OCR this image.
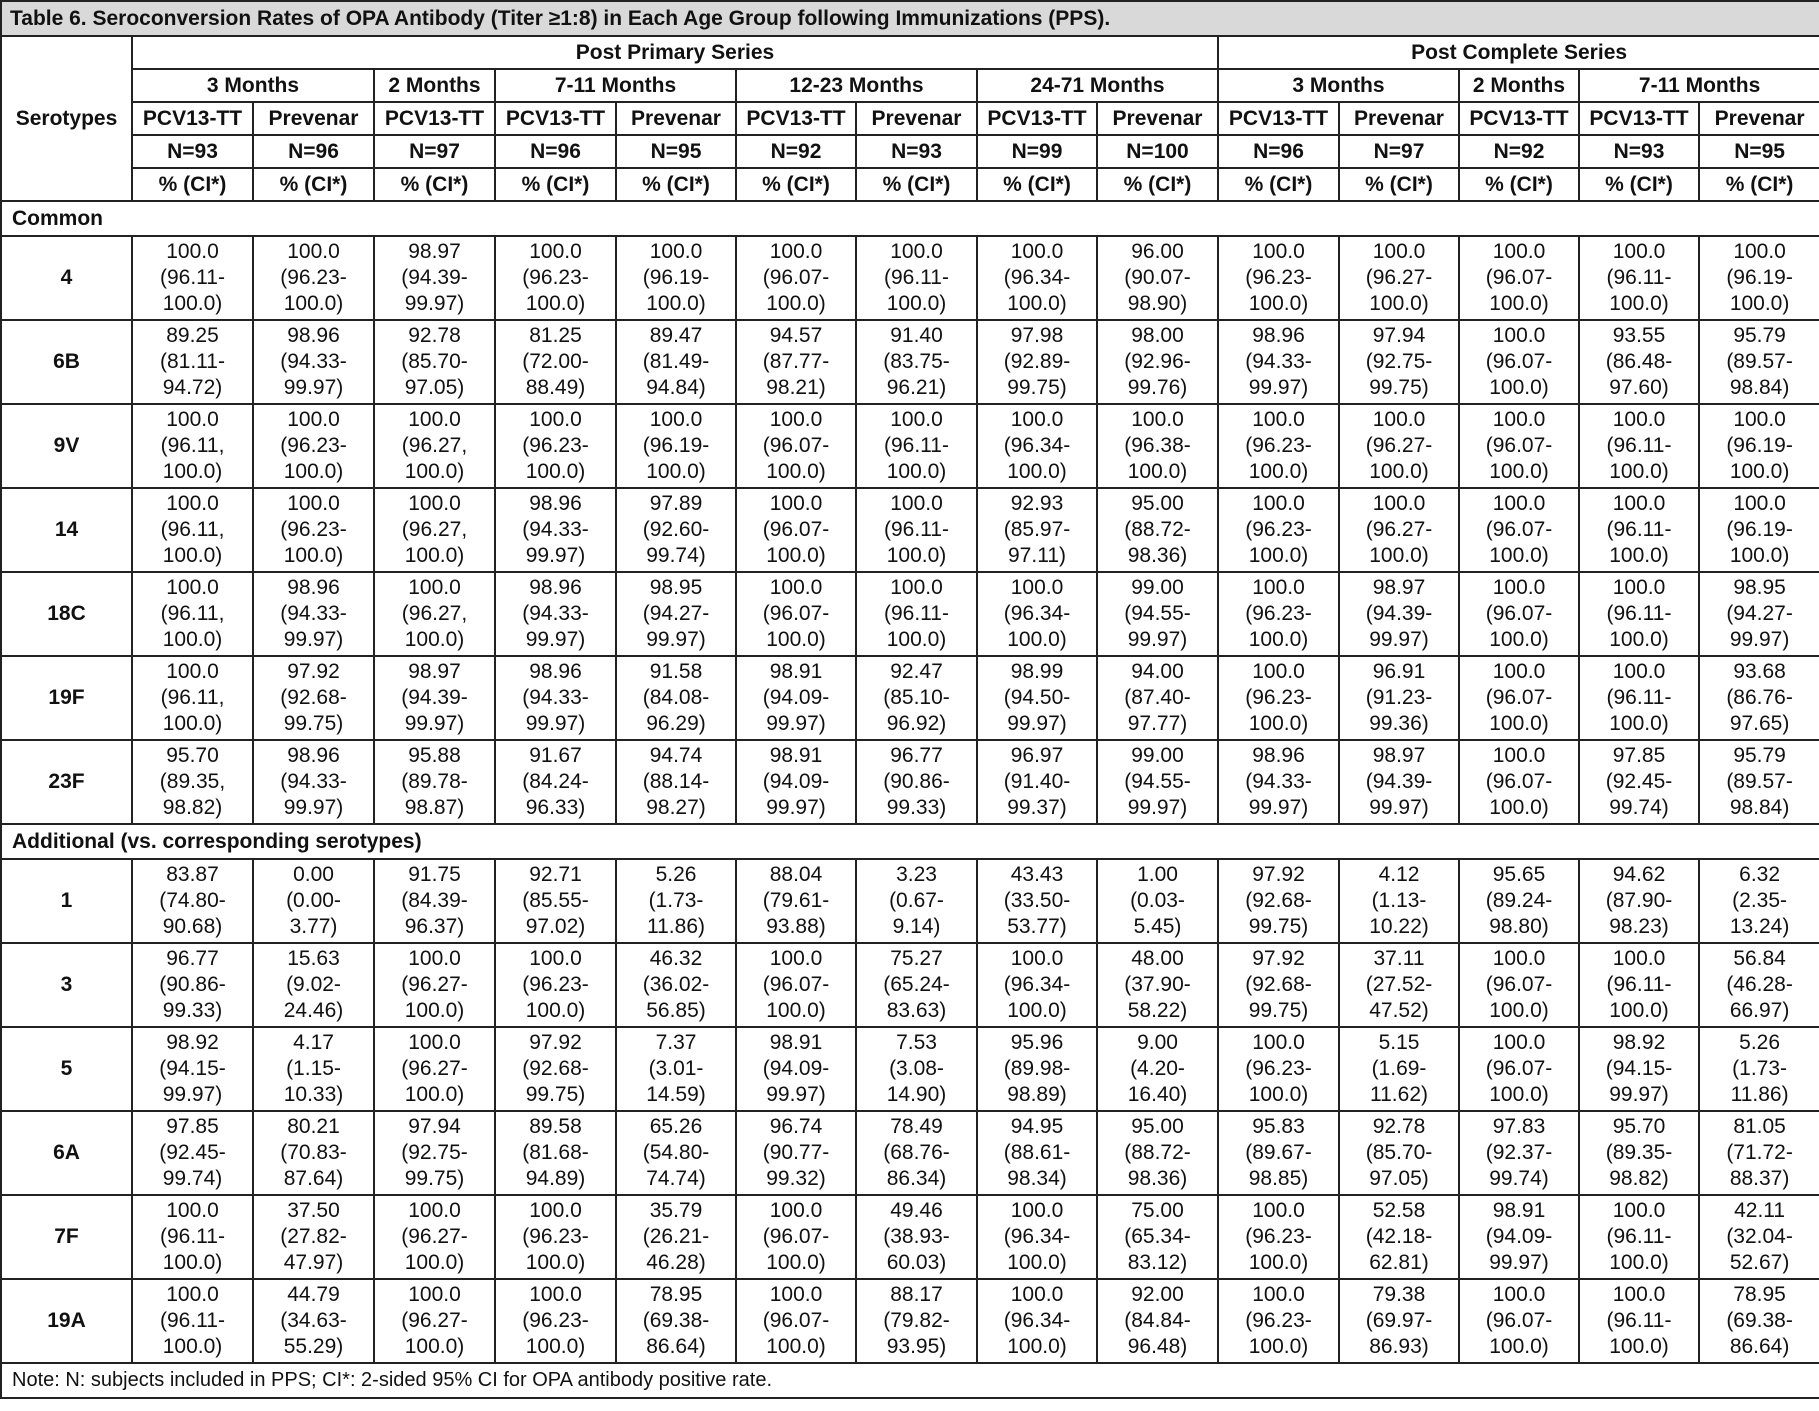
Table 6. Seroconversion Rates of OPA Antibody (Titer ≥1:8) in Each Age Group following Immunizations (PPS).														
Serotypes	Post Primary Series									Post Complete Series				
	3 Months		2 Months	7-11 Months		12-23 Months		24-71 Months		3 Months		2 Months	7-11 Months	
	PCV13-TT	Prevenar	PCV13-TT	PCV13-TT	Prevenar	PCV13-TT	Prevenar	PCV13-TT	Prevenar	PCV13-TT	Prevenar	PCV13-TT	PCV13-TT	Prevenar
	N=93	N=96	N=97	N=96	N=95	N=92	N=93	N=99	N=100	N=96	N=97	N=92	N=93	N=95
	% (CI*)	% (CI*)	% (CI*)	% (CI*)	% (CI*)	% (CI*)	% (CI*)	% (CI*)	% (CI*)	% (CI*)	% (CI*)	% (CI*)	% (CI*)	% (CI*)
Common														
4	100.0
(96.11-
100.0)	100.0
(96.23-
100.0)	98.97
(94.39-
99.97)	100.0
(96.23-
100.0)	100.0
(96.19-
100.0)	100.0
(96.07-
100.0)	100.0
(96.11-
100.0)	100.0
(96.34-
100.0)	96.00
(90.07-
98.90)	100.0
(96.23-
100.0)	100.0
(96.27-
100.0)	100.0
(96.07-
100.0)	100.0
(96.11-
100.0)	100.0
(96.19-
100.0)

6B	89.25
(81.11-
94.72)	98.96
(94.33-
99.97)	92.78
(85.70-
97.05)	81.25
(72.00-
88.49)	89.47
(81.49-
94.84)	94.57
(87.77-
98.21)	91.40
(83.75-
96.21)	97.98
(92.89-
99.75)	98.00
(92.96-
99.76)	98.96
(94.33-
99.97)	97.94
(92.75-
99.75)	100.0
(96.07-
100.0)	93.55
(86.48-
97.60)	95.79
(89.57-
98.84)

9V	100.0
(96.11,
100.0)	100.0
(96.23-
100.0)	100.0
(96.27,
100.0)	100.0
(96.23-
100.0)	100.0
(96.19-
100.0)	100.0
(96.07-
100.0)	100.0
(96.11-
100.0)	100.0
(96.34-
100.0)	100.0
(96.38-
100.0)	100.0
(96.23-
100.0)	100.0
(96.27-
100.0)	100.0
(96.07-
100.0)	100.0
(96.11-
100.0)	100.0
(96.19-
100.0)

14	100.0
(96.11,
100.0)	100.0
(96.23-
100.0)	100.0
(96.27,
100.0)	98.96
(94.33-
99.97)	97.89
(92.60-
99.74)	100.0
(96.07-
100.0)	100.0
(96.11-
100.0)	92.93
(85.97-
97.11)	95.00
(88.72-
98.36)	100.0
(96.23-
100.0)	100.0
(96.27-
100.0)	100.0
(96.07-
100.0)	100.0
(96.11-
100.0)	100.0
(96.19-
100.0)

18C	100.0
(96.11,
100.0)	98.96
(94.33-
99.97)	100.0
(96.27,
100.0)	98.96
(94.33-
99.97)	98.95
(94.27-
99.97)	100.0
(96.07-
100.0)	100.0
(96.11-
100.0)	100.0
(96.34-
100.0)	99.00
(94.55-
99.97)	100.0
(96.23-
100.0)	98.97
(94.39-
99.97)	100.0
(96.07-
100.0)	100.0
(96.11-
100.0)	98.95
(94.27-
99.97)

19F	100.0
(96.11,
100.0)	97.92
(92.68-
99.75)	98.97
(94.39-
99.97)	98.96
(94.33-
99.97)	91.58
(84.08-
96.29)	98.91
(94.09-
99.97)	92.47
(85.10-
96.92)	98.99
(94.50-
99.97)	94.00
(87.40-
97.77)	100.0
(96.23-
100.0)	96.91
(91.23-
99.36)	100.0
(96.07-
100.0)	100.0
(96.11-
100.0)	93.68
(86.76-
97.65)

23F	95.70
(89.35,
98.82)	98.96
(94.33-
99.97)	95.88
(89.78-
98.87)	91.67
(84.24-
96.33)	94.74
(88.14-
98.27)	98.91
(94.09-
99.97)	96.77
(90.86-
99.33)	96.97
(91.40-
99.37)	99.00
(94.55-
99.97)	98.96
(94.33-
99.97)	98.97
(94.39-
99.97)	100.0
(96.07-
100.0)	97.85
(92.45-
99.74)	95.79
(89.57-
98.84)

Additional (vs. corresponding serotypes)														
1	83.87
(74.80-
90.68)	0.00
(0.00-
3.77)	91.75
(84.39-
96.37)	92.71
(85.55-
97.02)	5.26
(1.73-
11.86)	88.04
(79.61-
93.88)	3.23
(0.67-
9.14)	43.43
(33.50-
53.77)	1.00
(0.03-
5.45)	97.92
(92.68-
99.75)	4.12
(1.13-
10.22)	95.65
(89.24-
98.80)	94.62
(87.90-
98.23)	6.32
(2.35-
13.24)

3	96.77
(90.86-
99.33)	15.63
(9.02-
24.46)	100.0
(96.27-
100.0)	100.0
(96.23-
100.0)	46.32
(36.02-
56.85)	100.0
(96.07-
100.0)	75.27
(65.24-
83.63)	100.0
(96.34-
100.0)	48.00
(37.90-
58.22)	97.92
(92.68-
99.75)	37.11
(27.52-
47.52)	100.0
(96.07-
100.0)	100.0
(96.11-
100.0)	56.84
(46.28-
66.97)

5	98.92
(94.15-
99.97)	4.17
(1.15-
10.33)	100.0
(96.27-
100.0)	97.92
(92.68-
99.75)	7.37
(3.01-
14.59)	98.91
(94.09-
99.97)	7.53
(3.08-
14.90)	95.96
(89.98-
98.89)	9.00
(4.20-
16.40)	100.0
(96.23-
100.0)	5.15
(1.69-
11.62)	100.0
(96.07-
100.0)	98.92
(94.15-
99.97)	5.26
(1.73-
11.86)

6A	97.85
(92.45-
99.74)	80.21
(70.83-
87.64)	97.94
(92.75-
99.75)	89.58
(81.68-
94.89)	65.26
(54.80-
74.74)	96.74
(90.77-
99.32)	78.49
(68.76-
86.34)	94.95
(88.61-
98.34)	95.00
(88.72-
98.36)	95.83
(89.67-
98.85)	92.78
(85.70-
97.05)	97.83
(92.37-
99.74)	95.70
(89.35-
98.82)	81.05
(71.72-
88.37)

7F	100.0
(96.11-
100.0)	37.50
(27.82-
47.97)	100.0
(96.27-
100.0)	100.0
(96.23-
100.0)	35.79
(26.21-
46.28)	100.0
(96.07-
100.0)	49.46
(38.93-
60.03)	100.0
(96.34-
100.0)	75.00
(65.34-
83.12)	100.0
(96.23-
100.0)	52.58
(42.18-
62.81)	98.91
(94.09-
99.97)	100.0
(96.11-
100.0)	42.11
(32.04-
52.67)

19A	100.0
(96.11-
100.0)	44.79
(34.63-
55.29)	100.0
(96.27-
100.0)	100.0
(96.23-
100.0)	78.95
(69.38-
86.64)	100.0
(96.07-
100.0)	88.17
(79.82-
93.95)	100.0
(96.34-
100.0)	92.00
(84.84-
96.48)	100.0
(96.23-
100.0)	79.38
(69.97-
86.93)	100.0
(96.07-
100.0)	100.0
(96.11-
100.0)	78.95
(69.38-
86.64)

Note: N: subjects included in PPS; CI*: 2-sided 95% CI for OPA antibody positive rate.														
